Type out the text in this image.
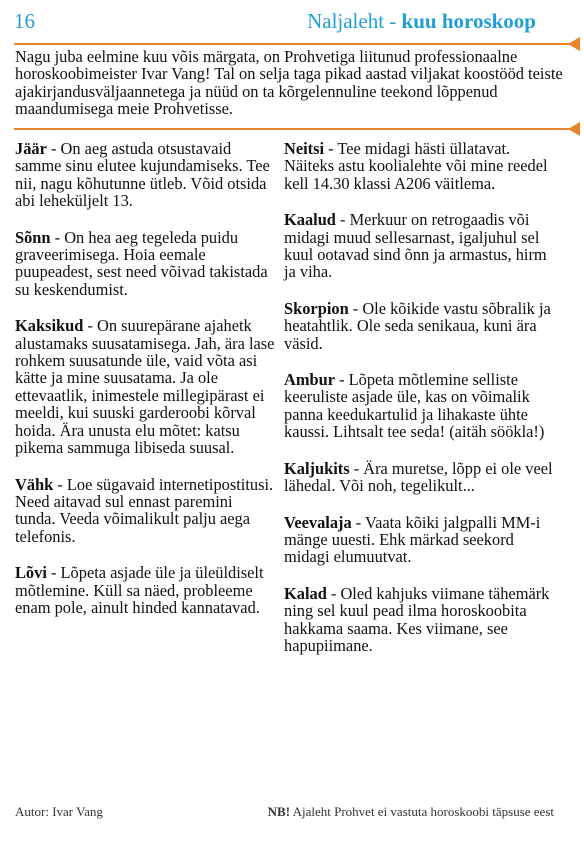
16	Naljaleht - kuu horoskoop

Nagu juba eelmine kuu võis märgata, on Prohvetiga liitunud professionaalne horoskoobimeister Ivar Vang! Tal on selja taga pikad aastad viljakat koostööd teiste ajakirjandusväljaannetega ja nüüd on ta kõrgelennuline teekond lõppenud maandumisega meie Prohvetisse.

Jäär - On aeg astuda otsustavaid samme sinu elutee kujundamiseks. Tee nii, nagu kõhutunne ütleb. Võid otsida abi leheküljelt 13.

Sõnn - On hea aeg tegeleda puidu graveerimisega. Hoia eemale puupeadest, sest need võivad takistada su keskendumist.

Kaksikud - On suurepärane ajahetk alustamaks suusatamisega. Jah, ära lase rohkem suusatunde üle, vaid võta asi kätte ja mine suusatama. Ja ole ettevaatlik, inimestele millegipärast ei meeldi, kui suuski garderoobi kõrval hoida. Ära unusta elu mõtet: katsu pikema sammuga libiseda suusal.

Vähk - Loe sügavaid internetipostitusi. Need aitavad sul ennast paremini tunda. Veeda võimalikult palju aega telefonis.

Lõvi - Lõpeta asjade üle ja üleüldiselt mõtlemine. Küll sa näed, probleeme enam pole, ainult hinded kannatavad.

Neitsi - Tee midagi hästi üllatavat. Näiteks astu koolialehte või mine reedel kell 14.30 klassi A206 väitlema.

Kaalud - Merkuur on retrogaadis või midagi muud sellesarnast, igaljuhul sel kuul ootavad sind õnn ja armastus, hirm ja viha.

Skorpion - Ole kõikide vastu sõbralik ja heatahtlik. Ole seda senikaua, kuni ära väsid.

Ambur - Lõpeta mõtlemine selliste keeruliste asjade üle, kas on võimalik panna keedukartulid ja lihakaste ühte kaussi. Lihtsalt tee seda! (aitäh söökla!)

Kaljukits - Ära muretse, lõpp ei ole veel lähedal. Või noh, tegelikult...

Veevalaja - Vaata kõiki jalgpalli MM-i mänge uuesti. Ehk märkad seekord midagi elumuutvat.

Kalad - Oled kahjuks viimane tähemärk ning sel kuul pead ilma horoskoobita hakkama saama. Kes viimane, see hapupiimane.

Autor: Ivar Vang	NB! Ajaleht Prohvet ei vastuta horoskoobi täpsuse eest
